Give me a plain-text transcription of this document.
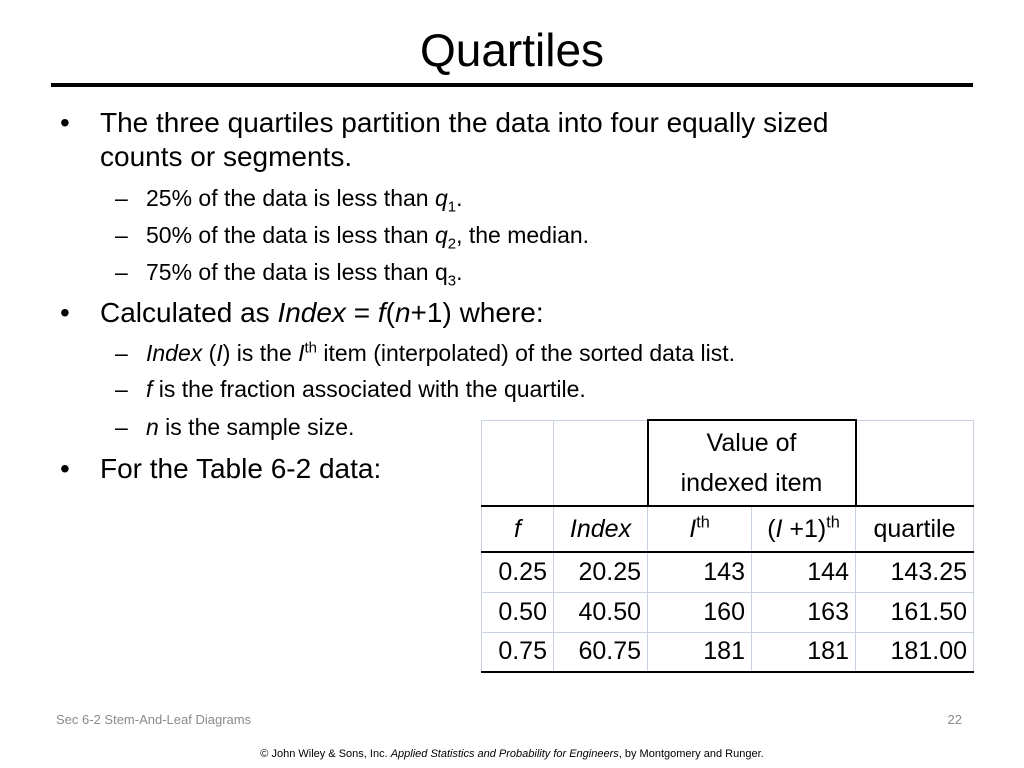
Quartiles
• The three quartiles partition the data into four equally sized
counts or segments.
– 25% of the data is less than $q_1$.
– 50% of the data is less than $q_2$, the median.
– 75% of the data is less than $q_3$.
• Calculated as Index = f(n+1) where:
– Index (I) is the Ith item (interpolated) of the sorted data list.
– f is the fraction associated with the quartile.
– n is the sample size.
• For the Table 6-2 data:
		Value of
indexed item		
f	Index	Ith	$(I +1)^{th}$	quartile
0.25	20.25	143	144	143.25
0.50	40.50	160	163	161.50
0.75	60.75	181	181	181.00
Sec 6-2 Stem-And-Leaf Diagrams	22
© John Wiley & Sons, Inc. Applied Statistics and Probability for Engineers, by Montgomery and Runger.
